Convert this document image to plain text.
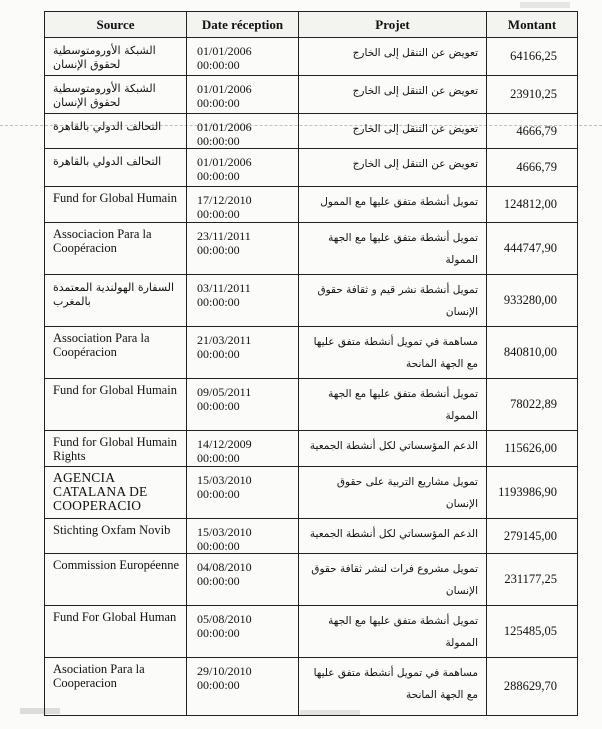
Source	Date réception	Projet	Montant

الشبكة الأورومتوسطية لحقوق الإنسان	01/01/2006
00:00:00	تعويض عن التنقل إلى الخارج	64166,25

الشبكة الأورومتوسطية لحقوق الإنسان	01/01/2006
00:00:00	تعويض عن التنقل إلى الخارج	23910,25

التحالف الدولي بالقاهرة	01/01/2006
00:00:00	تعويض عن التنقل إلى الخارج	4666,79

التحالف الدولي بالقاهرة	01/01/2006
00:00:00	تعويض عن التنقل إلى الخارج	4666,79

Fund for Global Humain	17/12/2010
00:00:00	تمويل أنشطة متفق عليها مع الممول	124812,00

Associacion Para la Coopéracion	23/11/2011
00:00:00	تمويل أنشطة متفق عليها مع الجهة الممولة	444747,90

السفارة الهولندية المعتمدة بالمغرب	03/11/2011
00:00:00	تمويل أنشطة نشر قيم و ثقافة حقوق الإنسان	933280,00

Association Para la Coopéracion	21/03/2011
00:00:00	مساهمة في تمويل أنشطة متفق عليها مع الجهة المانحة	840810,00

Fund for Global Humain	09/05/2011
00:00:00	تمويل أنشطة متفق عليها مع الجهة الممولة	78022,89

Fund for Global Humain Rights	14/12/2009
00:00:00	الدعم المؤسساتي لكل أنشطة الجمعية	115626,00

AGENCIA CATALANA DE COOPERACIO	15/03/2010
00:00:00	تمويل مشاريع التربية على حقوق الإنسان	1193986,90

Stichting Oxfam Novib	15/03/2010
00:00:00	الدعم المؤسساتي لكل أنشطة الجمعية	279145,00

Commission Européenne	04/08/2010
00:00:00	تمويل مشروع فرات لنشر ثقافة حقوق الإنسان	231177,25

Fund For Global Human	05/08/2010
00:00:00	تمويل أنشطة متفق عليها مع الجهة الممولة	125485,05

Asociation Para la Cooperacion	29/10/2010
00:00:00	مساهمة في تمويل أنشطة متفق عليها مع الجهة المانحة	288629,70
